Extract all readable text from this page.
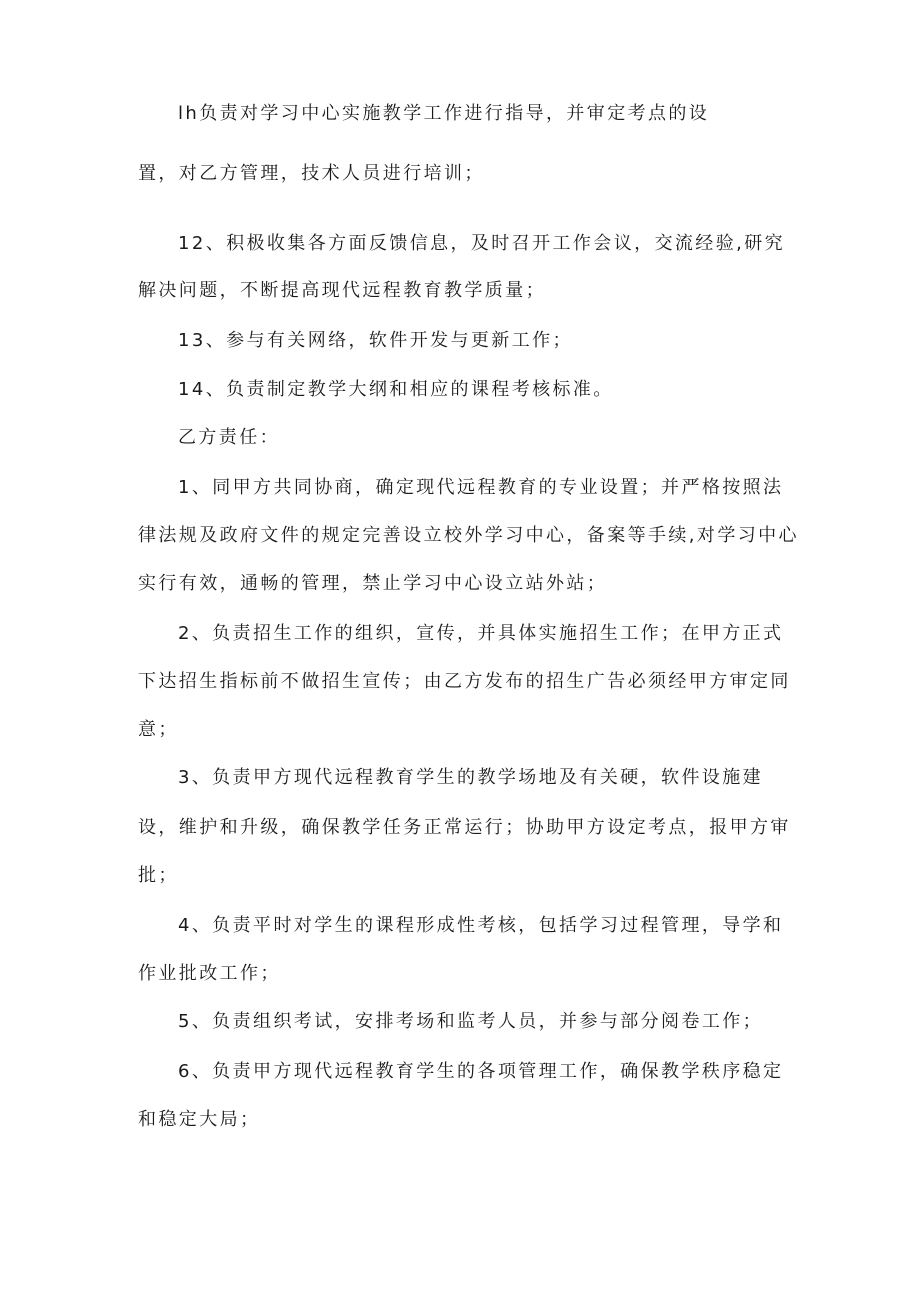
lh负责对学习中心实施教学工作进行指导，并审定考点的设
置，对乙方管理，技术人员进行培训；
12、积极收集各方面反馈信息，及时召开工作会议，交流经验,研究
解决问题，不断提高现代远程教育教学质量；
13、参与有关网络，软件开发与更新工作；
14、负责制定教学大纲和相应的课程考核标准。
乙方责任：
1、同甲方共同协商，确定现代远程教育的专业设置；并严格按照法
律法规及政府文件的规定完善设立校外学习中心，备案等手续,对学习中心
实行有效，通畅的管理，禁止学习中心设立站外站；
2、负责招生工作的组织，宣传，并具体实施招生工作；在甲方正式
下达招生指标前不做招生宣传；由乙方发布的招生广告必须经甲方审定同
意；
3、负责甲方现代远程教育学生的教学场地及有关硬，软件设施建
设，维护和升级，确保教学任务正常运行；协助甲方设定考点，报甲方审
批；
4、负责平时对学生的课程形成性考核，包括学习过程管理，导学和
作业批改工作；
5、负责组织考试，安排考场和监考人员，并参与部分阅卷工作；
6、负责甲方现代远程教育学生的各项管理工作，确保教学秩序稳定
和稳定大局；
